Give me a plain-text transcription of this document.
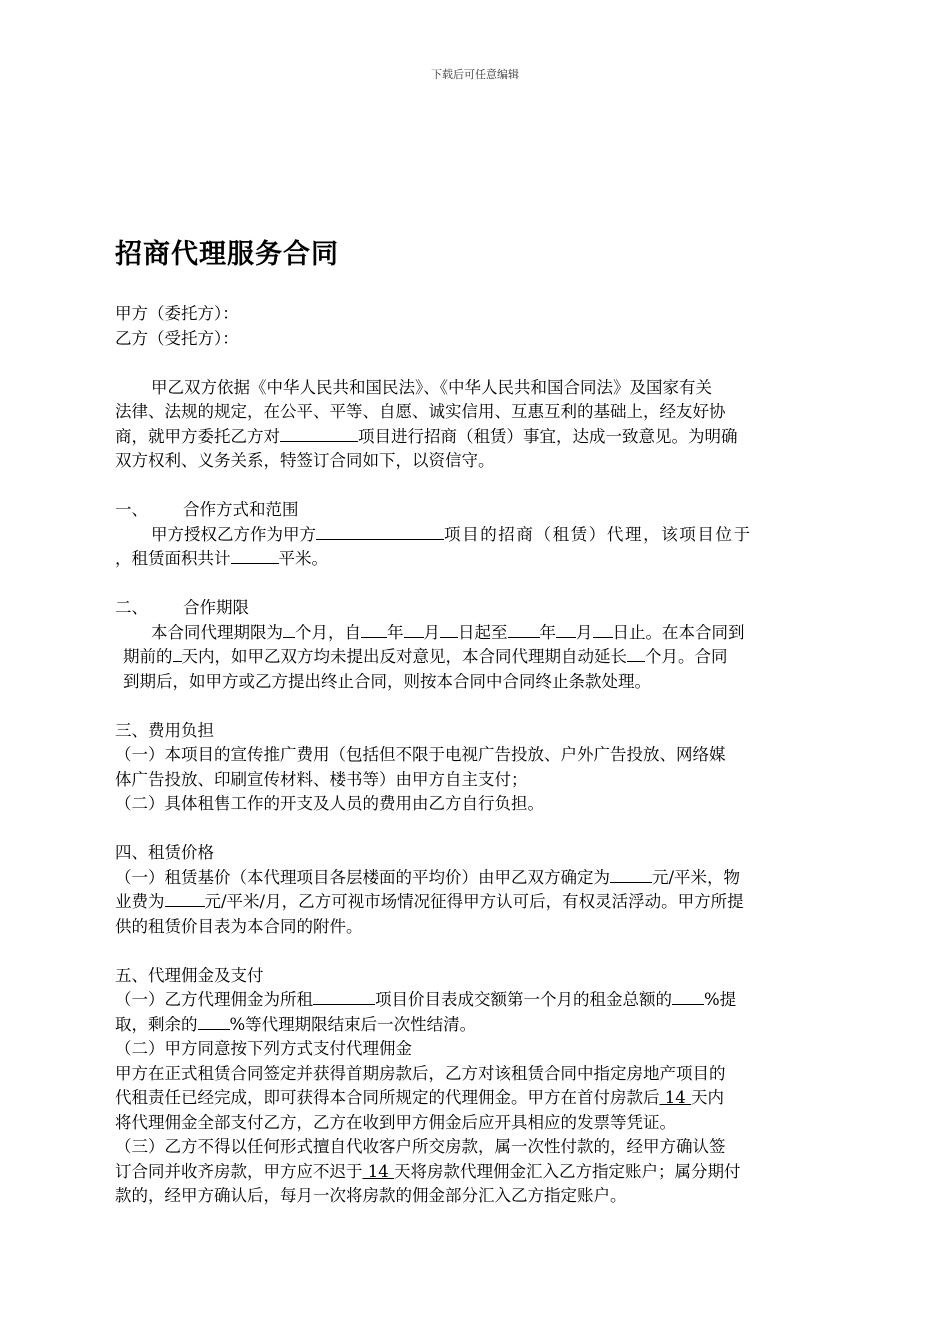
下载后可任意编辑
招商代理服务合同
甲方（委托方）：
乙方（受托方）：
甲乙双方依据《中华人民共和国民法》、《中华人民共和国合同法》及国家有关
法律、法规的规定，在公平、平等、自愿、诚实信用、互惠互利的基础上，经友好协
商，就甲方委托乙方对	项目进行招商（租赁）事宜，达成一致意见。为明确
双方权利、义务关系，特签订合同如下，以资信守。
一、 合作方式和范围
甲方授权乙方作为甲方	项目的招商（租赁）代理，该项目位于
，租赁面积共计	平米。
二、 合作期限
本合同代理期限为 个月，自 年 月 日起至 年 月 日止。在本合同到
期前的 天内，如甲乙双方均未提出反对意见，本合同代理期自动延长 个月。合同
到期后，如甲方或乙方提出终止合同，则按本合同中合同终止条款处理。
三、费用负担
（一）本项目的宣传推广费用（包括但不限于电视广告投放、户外广告投放、网络媒
体广告投放、印刷宣传材料、楼书等）由甲方自主支付；
（二）具体租售工作的开支及人员的费用由乙方自行负担。
四、租赁价格
（一）租赁基价（本代理项目各层楼面的平均价）由甲乙双方确定为	元/平米，物
业费为 元/平米/月，乙方可视市场情况征得甲方认可后，有权灵活浮动。甲方所提
供的租赁价目表为本合同的附件。
五、代理佣金及支付
（一）乙方代理佣金为所租	项目价目表成交额第一个月的租金总额的 %提
取，剩余的 %等代理期限结束后一次性结清。
（二）甲方同意按下列方式支付代理佣金
甲方在正式租赁合同签定并获得首期房款后，乙方对该租赁合同中指定房地产项目的
代租责任已经完成，即可获得本合同所规定的代理佣金。甲方在首付房款后 14 天内
将代理佣金全部支付乙方，乙方在收到甲方佣金后应开具相应的发票等凭证。
（三）乙方不得以任何形式擅自代收客户所交房款，属一次性付款的，经甲方确认签
订合同并收齐房款，甲方应不迟于 14 天将房款代理佣金汇入乙方指定账户；属分期付
款的，经甲方确认后，每月一次将房款的佣金部分汇入乙方指定账户。
